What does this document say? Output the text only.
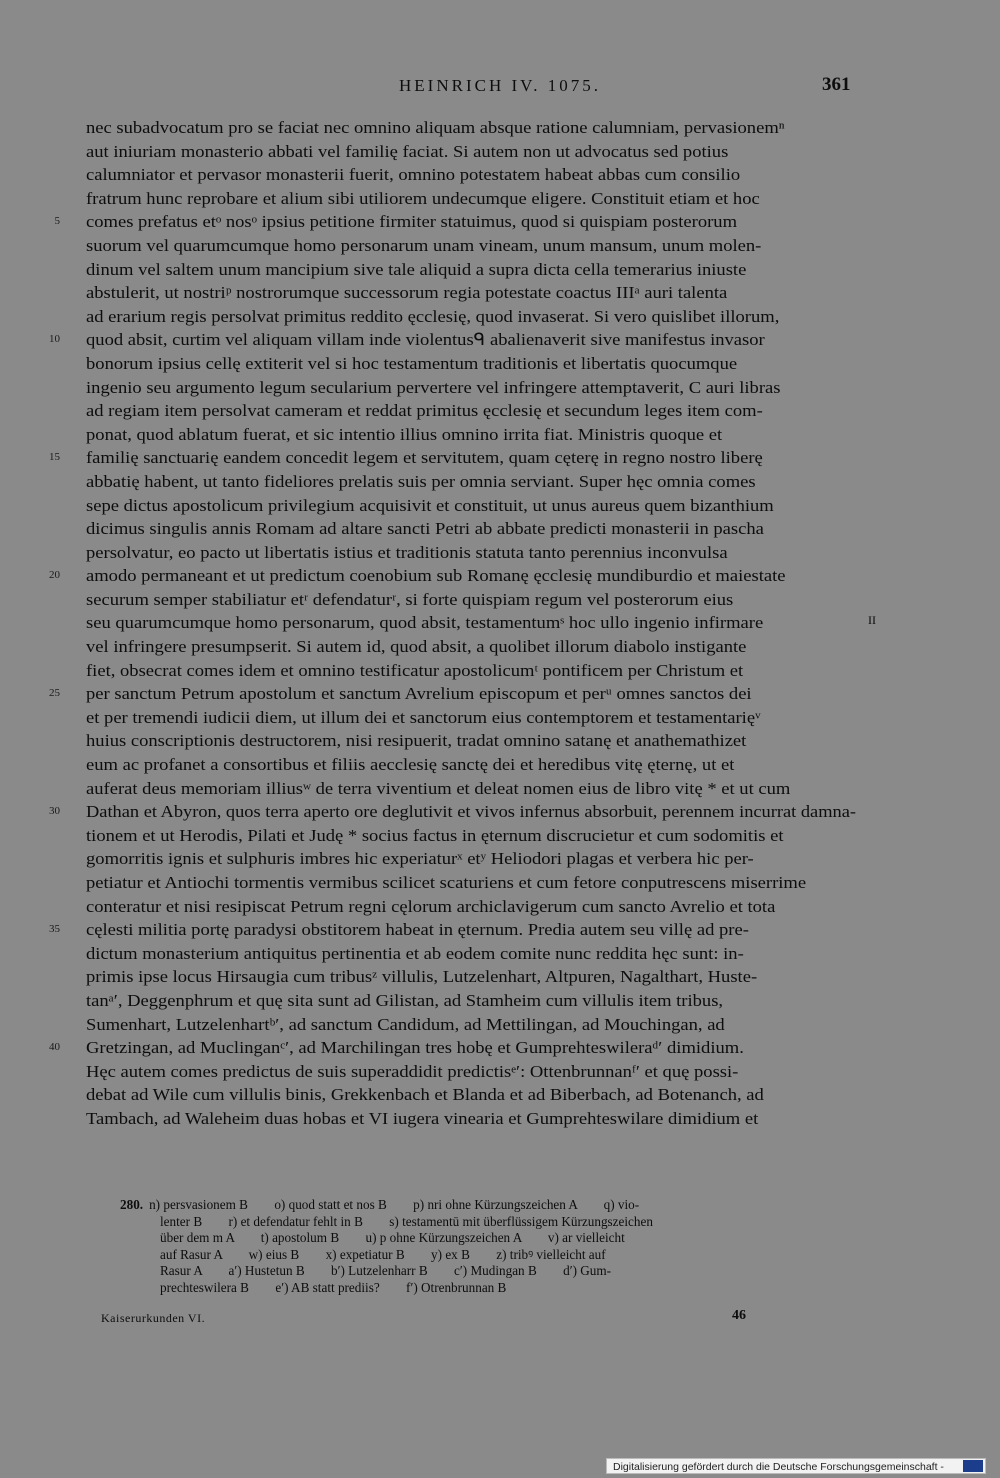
HEINRICH IV. 1075.	361
nec subadvocatum pro se faciat nec omnino aliquam absque ratione calumniam, pervasionemⁿ
aut iniuriam monasterio abbati vel familię faciat. Si autem non ut advocatus sed potius
calumniator et pervasor monasterii fuerit, omnino potestatem habeat abbas cum consilio
fratrum hunc reprobare et alium sibi utiliorem undecumque eligere. Constituit etiam et hoc
5 comes prefatus etᵒ nosᵒ ipsius petitione firmiter statuimus, quod si quispiam posterorum
suorum vel quarumcumque homo personarum unam vineam, unum mansum, unum molen-
dinum vel saltem unum mancipium sive tale aliquid a supra dicta cella temerarius iniuste
abstulerit, ut nostriᵖ nostrorumque successorum regia potestate coactus IIIᵃ auri talenta
ad erarium regis persolvat primitus reddito ęcclesię, quod invaserat. Si vero quislibet illorum,
10 quod absit, curtim vel aliquam villam inde violentusᑫ abalienaverit sive manifestus invasor
bonorum ipsius cellę extiterit vel si hoc testamentum traditionis et libertatis quocumque
ingenio seu argumento legum secularium pervertere vel infringere attemptaverit, C auri libras
ad regiam item persolvat cameram et reddat primitus ęcclesię et secundum leges item com-
ponat, quod ablatum fuerat, et sic intentio illius omnino irrita fiat. Ministris quoque et
15 familię sanctuarię eandem concedit legem et servitutem, quam cęterę in regno nostro liberę
abbatię habent, ut tanto fideliores prelatis suis per omnia serviant. Super hęc omnia comes
sepe dictus apostolicum privilegium acquisivit et constituit, ut unus aureus quem bizanthium
dicimus singulis annis Romam ad altare sancti Petri ab abbate predicti monasterii in pascha
persolvatur, eo pacto ut libertatis istius et traditionis statuta tanto perennius inconvulsa
20 amodo permaneant et ut predictum coenobium sub Romanę ęcclesię mundiburdio et maiestate
securum semper stabiliatur etʳ defendaturʳ, si forte quispiam regum vel posterorum eius
seu quarumcumque homo personarum, quod absit, testamentumˢ hoc ullo ingenio infirmare
vel infringere presumpserit. Si autem id, quod absit, a quolibet illorum diabolo instigante
fiet, obsecrat comes idem et omnino testificatur apostolicumᵗ pontificem per Christum et
25 per sanctum Petrum apostolum et sanctum Avrelium episcopum et perᵘ omnes sanctos dei
et per tremendi iudicii diem, ut illum dei et sanctorum eius contemptorem et testamentarięᵛ
huius conscriptionis destructorem, nisi resipuerit, tradat omnino satanę et anathemathizet
eum ac profanet a consortibus et filiis aecclesię sanctę dei et heredibus vitę ęternę, ut et
auferat deus memoriam illiusʷ de terra viventium et deleat nomen eius de libro vitę * et ut cum
30 Dathan et Abyron, quos terra aperto ore deglutivit et vivos infernus absorbuit, perennem incurrat damna-
tionem et ut Herodis, Pilati et Judę * socius factus in ęternum discrucietur et cum sodomitis et
gomorritis ignis et sulphuris imbres hic experiaturˣ etʸ Heliodori plagas et verbera hic per-
petiatur et Antiochi tormentis vermibus scilicet scaturiens et cum fetore conputrescens miserrime
conteratur et nisi resipiscat Petrum regni cęlorum archiclavigerum cum sancto Avrelio et tota
35 cęlesti militia portę paradysi obstitorem habeat in ęternum. Predia autem seu villę ad pre-
dictum monasterium antiquitus pertinentia et ab eodem comite nunc reddita hęc sunt: in-
primis ipse locus Hirsaugia cum tribusᶻ villulis, Lutzelenhart, Altpuren, Nagalthart, Huste-
tanᵃ′, Deggenphrum et quę sita sunt ad Gilistan, ad Stamheim cum villulis item tribus,
Sumenhart, Lutzelenhartᵇ′, ad sanctum Candidum, ad Mettilingan, ad Mouchingan, ad
40 Gretzingan, ad Muclinganᶜ′, ad Marchilingan tres hobę et Gumprehteswileraᵈ′ dimidium.
Hęc autem comes predictus de suis superaddidit predictisᵉ′: Ottenbrunnanᶠ′ et quę possi-
debat ad Wile cum villulis binis, Grekkenbach et Blanda et ad Biberbach, ad Botenanch, ad
Tambach, ad Waleheim duas hobas et VI iugera vinearia et Gumprehteswilare dimidium et
II
280. n) persvasionem B        o) quod statt et nos B        p) nri ohne Kürzungszeichen A        q) vio-
lenter B        r) et defendatur fehlt in B        s) testamentū mit überflüssigem Kürzungszeichen
über dem m A        t) apostolum B        u) p ohne Kürzungszeichen A        v) ar vielleicht
auf Rasur A        w) eius B        x) expetiatur B        y) ex B        z) tribꝰ vielleicht auf
Rasur A        a′) Hustetun B        b′) Lutzelenharr B        c′) Mudingan B        d′) Gum-
prechteswilera B        e′) AB statt prediis?        f′) Otrenbrunnan B
Kaiserurkunden VI.	46
Digitalisierung gefördert durch die Deutsche Forschungsgemeinschaft -
